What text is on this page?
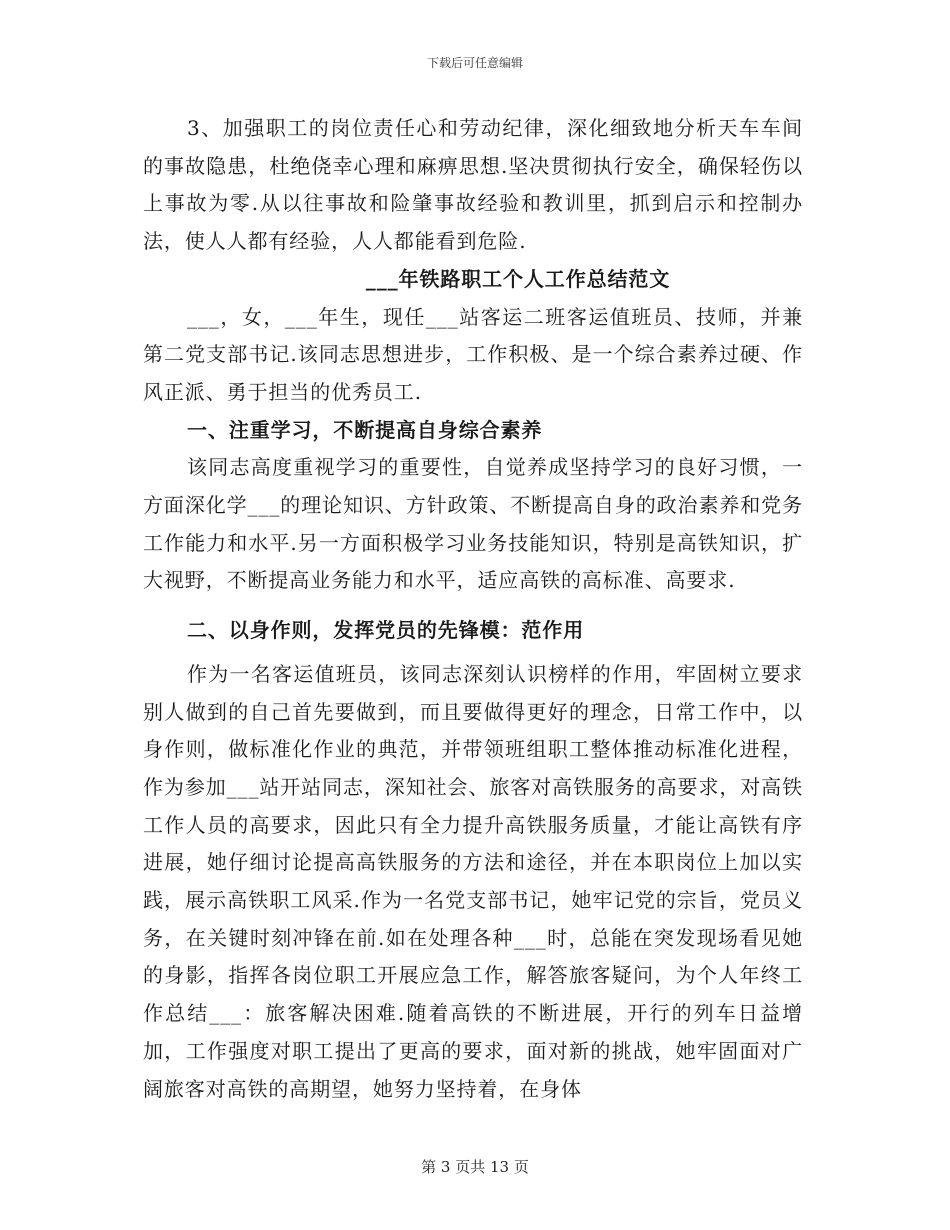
下载后可任意编辑

3、加强职工的岗位责任心和劳动纪律，深化细致地分析天车车间的事故隐患，杜绝侥幸心理和麻痹思想.坚决贯彻执行安全，确保轻伤以上事故为零.从以往事故和险肇事故经验和教训里，抓到启示和控制办法，使人人都有经验，人人都能看到危险.

___年铁路职工个人工作总结范文

___，女，___年生，现任___站客运二班客运值班员、技师，并兼第二党支部书记.该同志思想进步，工作积极、是一个综合素养过硬、作风正派、勇于担当的优秀员工.

一、注重学习，不断提高自身综合素养

该同志高度重视学习的重要性，自觉养成坚持学习的良好习惯，一方面深化学___的理论知识、方针政策、不断提高自身的政治素养和党务工作能力和水平.另一方面积极学习业务技能知识，特别是高铁知识，扩大视野，不断提高业务能力和水平，适应高铁的高标准、高要求.

二、以身作则，发挥党员的先锋模：范作用

作为一名客运值班员，该同志深刻认识榜样的作用，牢固树立要求别人做到的自己首先要做到，而且要做得更好的理念，日常工作中，以身作则，做标准化作业的典范，并带领班组职工整体推动标准化进程，作为参加___站开站同志，深知社会、旅客对高铁服务的高要求，对高铁工作人员的高要求，因此只有全力提升高铁服务质量，才能让高铁有序进展，她仔细讨论提高高铁服务的方法和途径，并在本职岗位上加以实践，展示高铁职工风采.作为一名党支部书记，她牢记党的宗旨，党员义务，在关键时刻冲锋在前.如在处理各种___时，总能在突发现场看见她的身影，指挥各岗位职工开展应急工作，解答旅客疑问，为个人年终工作总结___：旅客解决困难.随着高铁的不断进展，开行的列车日益增加，工作强度对职工提出了更高的要求，面对新的挑战，她牢固面对广阔旅客对高铁的高期望，她努力坚持着，在身体

第 3 页共 13 页
